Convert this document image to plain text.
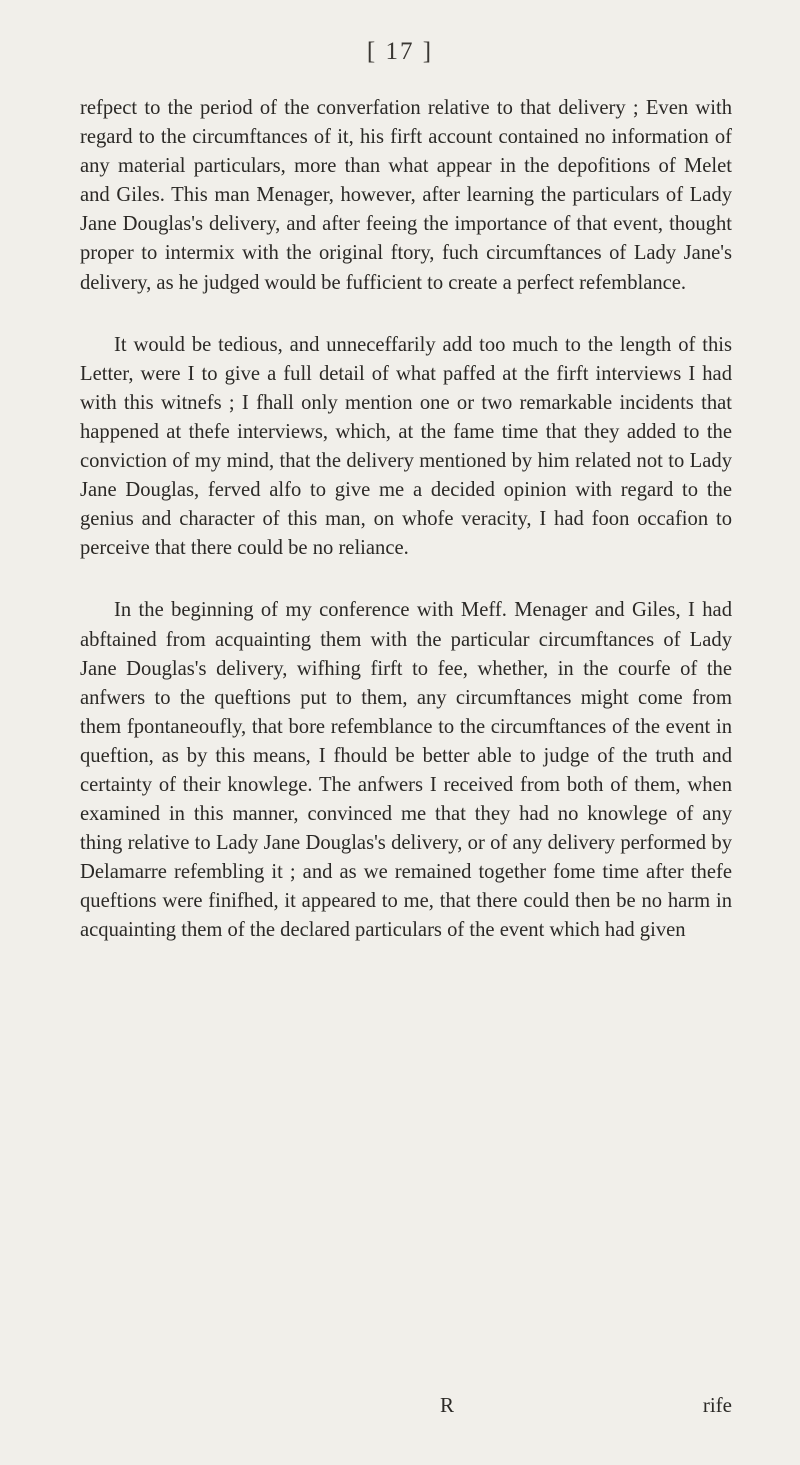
[ 17 ]

refpect to the period of the converfation relative to that delivery ; Even with regard to the circumftances of it, his firft account contained no information of any material particulars, more than what appear in the depofitions of Melet and Giles. This man Menager, however, after learning the particulars of Lady Jane Douglas's delivery, and after feeing the importance of that event, thought proper to intermix with the original ftory, fuch circumftances of Lady Jane's delivery, as he judged would be fufficient to create a perfect refemblance.

It would be tedious, and unneceffarily add too much to the length of this Letter, were I to give a full detail of what paffed at the firft interviews I had with this witnefs ; I fhall only mention one or two remarkable incidents that happened at thefe interviews, which, at the fame time that they added to the conviction of my mind, that the delivery mentioned by him related not to Lady Jane Douglas, ferved alfo to give me a decided opinion with regard to the genius and character of this man, on whofe veracity, I had foon occafion to perceive that there could be no reliance.

In the beginning of my conference with Meff. Menager and Giles, I had abftained from acquainting them with the particular circumftances of Lady Jane Douglas's delivery, wifhing firft to fee, whether, in the courfe of the anfwers to the queftions put to them, any circumftances might come from them fpontaneoufly, that bore refemblance to the circumftances of the event in queftion, as by this means, I fhould be better able to judge of the truth and certainty of their knowlege. The anfwers I received from both of them, when examined in this manner, convinced me that they had no knowlege of any thing relative to Lady Jane Douglas's delivery, or of any delivery performed by Delamarre refembling it ; and as we remained together fome time after thefe queftions were finifhed, it appeared to me, that there could then be no harm in acquainting them of the declared particulars of the event which had given

R	rife
